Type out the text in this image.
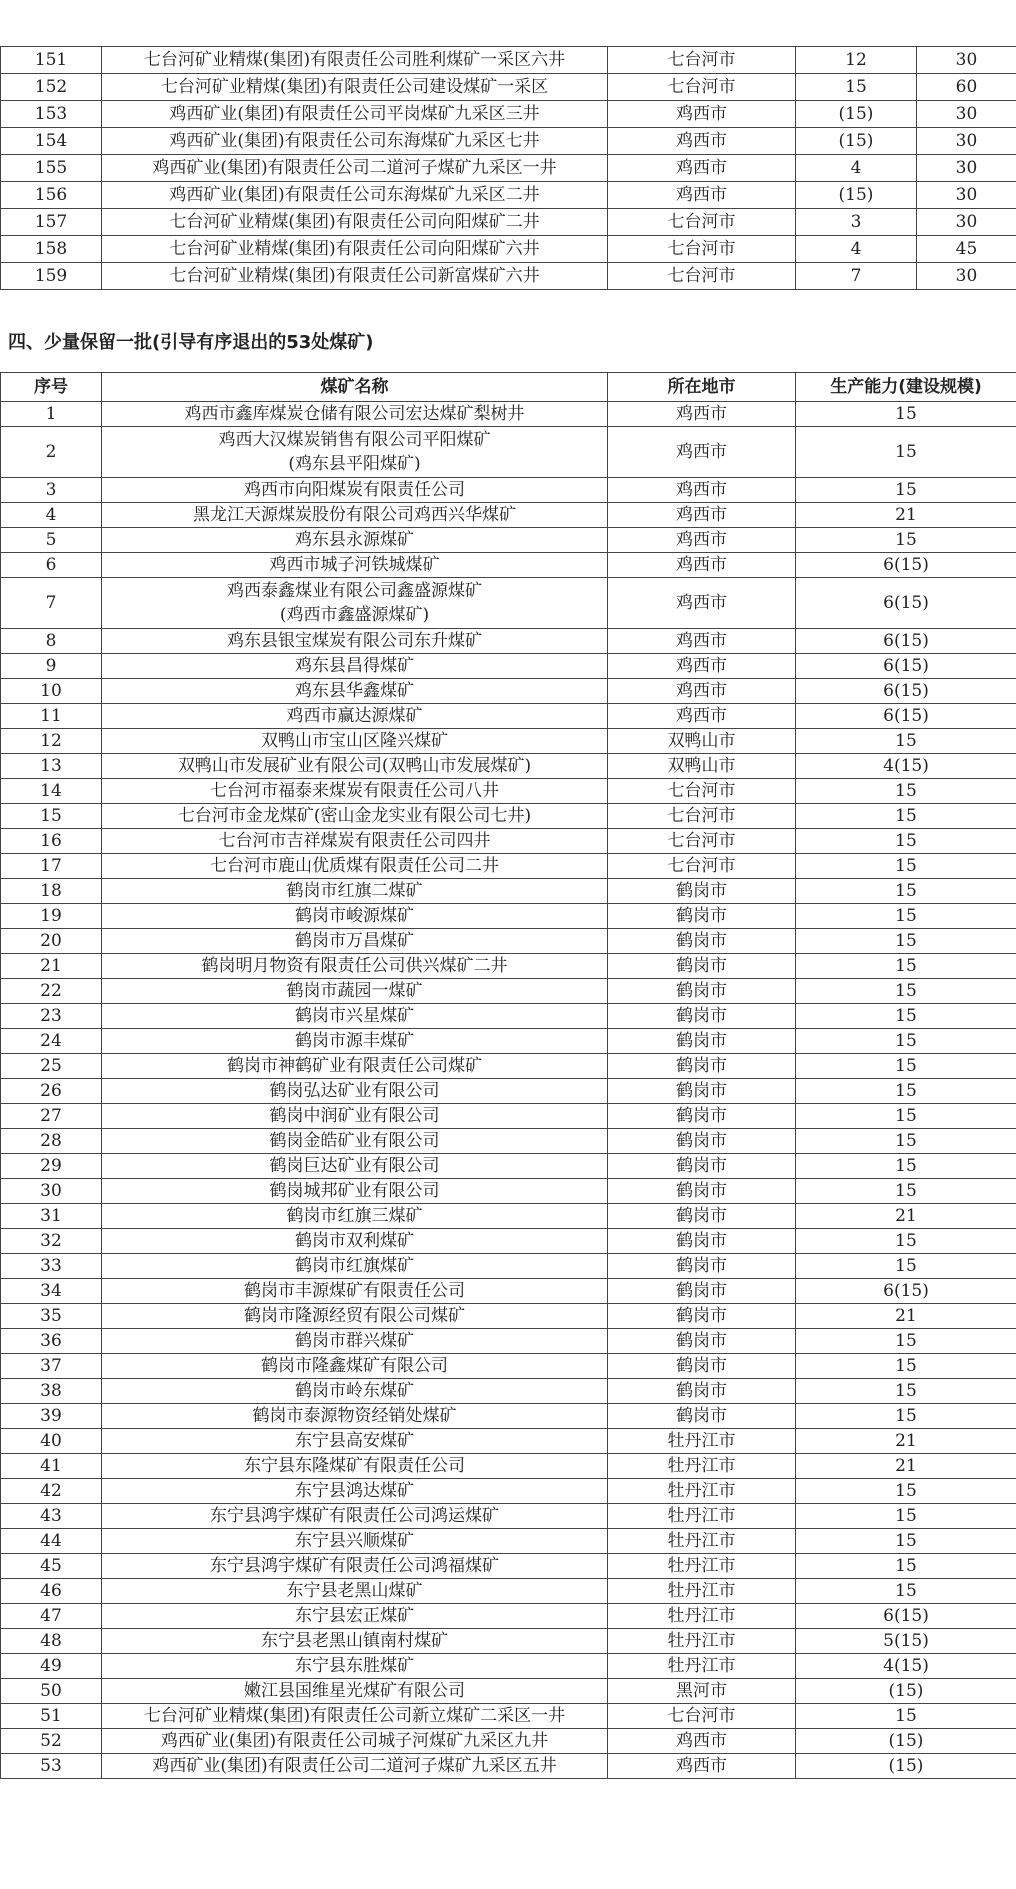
151	七台河矿业精煤(集团)有限责任公司胜利煤矿一采区六井	七台河市	12	30
152	七台河矿业精煤(集团)有限责任公司建设煤矿一采区	七台河市	15	60
153	鸡西矿业(集团)有限责任公司平岗煤矿九采区三井	鸡西市	(15)	30
154	鸡西矿业(集团)有限责任公司东海煤矿九采区七井	鸡西市	(15)	30
155	鸡西矿业(集团)有限责任公司二道河子煤矿九采区一井	鸡西市	4	30
156	鸡西矿业(集团)有限责任公司东海煤矿九采区二井	鸡西市	(15)	30
157	七台河矿业精煤(集团)有限责任公司向阳煤矿二井	七台河市	3	30
158	七台河矿业精煤(集团)有限责任公司向阳煤矿六井	七台河市	4	45
159	七台河矿业精煤(集团)有限责任公司新富煤矿六井	七台河市	7	30
四、少量保留一批(引导有序退出的53处煤矿)
序号	煤矿名称	所在地市	生产能力(建设规模)
1	鸡西市鑫库煤炭仓储有限公司宏达煤矿梨树井	鸡西市	15
2	鸡西大汉煤炭销售有限公司平阳煤矿
(鸡东县平阳煤矿)	鸡西市	15
3	鸡西市向阳煤炭有限责任公司	鸡西市	15
4	黑龙江天源煤炭股份有限公司鸡西兴华煤矿	鸡西市	21
5	鸡东县永源煤矿	鸡西市	15
6	鸡西市城子河铁城煤矿	鸡西市	6(15)
7	鸡西泰鑫煤业有限公司鑫盛源煤矿
(鸡西市鑫盛源煤矿)	鸡西市	6(15)
8	鸡东县银宝煤炭有限公司东升煤矿	鸡西市	6(15)
9	鸡东县昌得煤矿	鸡西市	6(15)
10	鸡东县华鑫煤矿	鸡西市	6(15)
11	鸡西市赢达源煤矿	鸡西市	6(15)
12	双鸭山市宝山区隆兴煤矿	双鸭山市	15
13	双鸭山市发展矿业有限公司(双鸭山市发展煤矿)	双鸭山市	4(15)
14	七台河市福泰来煤炭有限责任公司八井	七台河市	15
15	七台河市金龙煤矿(密山金龙实业有限公司七井)	七台河市	15
16	七台河市吉祥煤炭有限责任公司四井	七台河市	15
17	七台河市鹿山优质煤有限责任公司二井	七台河市	15
18	鹤岗市红旗二煤矿	鹤岗市	15
19	鹤岗市峻源煤矿	鹤岗市	15
20	鹤岗市万昌煤矿	鹤岗市	15
21	鹤岗明月物资有限责任公司供兴煤矿二井	鹤岗市	15
22	鹤岗市蔬园一煤矿	鹤岗市	15
23	鹤岗市兴星煤矿	鹤岗市	15
24	鹤岗市源丰煤矿	鹤岗市	15
25	鹤岗市神鹤矿业有限责任公司煤矿	鹤岗市	15
26	鹤岗弘达矿业有限公司	鹤岗市	15
27	鹤岗中润矿业有限公司	鹤岗市	15
28	鹤岗金皓矿业有限公司	鹤岗市	15
29	鹤岗巨达矿业有限公司	鹤岗市	15
30	鹤岗城邦矿业有限公司	鹤岗市	15
31	鹤岗市红旗三煤矿	鹤岗市	21
32	鹤岗市双利煤矿	鹤岗市	15
33	鹤岗市红旗煤矿	鹤岗市	15
34	鹤岗市丰源煤矿有限责任公司	鹤岗市	6(15)
35	鹤岗市隆源经贸有限公司煤矿	鹤岗市	21
36	鹤岗市群兴煤矿	鹤岗市	15
37	鹤岗市隆鑫煤矿有限公司	鹤岗市	15
38	鹤岗市岭东煤矿	鹤岗市	15
39	鹤岗市泰源物资经销处煤矿	鹤岗市	15
40	东宁县高安煤矿	牡丹江市	21
41	东宁县东隆煤矿有限责任公司	牡丹江市	21
42	东宁县鸿达煤矿	牡丹江市	15
43	东宁县鸿宇煤矿有限责任公司鸿运煤矿	牡丹江市	15
44	东宁县兴顺煤矿	牡丹江市	15
45	东宁县鸿宇煤矿有限责任公司鸿福煤矿	牡丹江市	15
46	东宁县老黑山煤矿	牡丹江市	15
47	东宁县宏正煤矿	牡丹江市	6(15)
48	东宁县老黑山镇南村煤矿	牡丹江市	5(15)
49	东宁县东胜煤矿	牡丹江市	4(15)
50	嫩江县国维星光煤矿有限公司	黑河市	(15)
51	七台河矿业精煤(集团)有限责任公司新立煤矿二采区一井	七台河市	15
52	鸡西矿业(集团)有限责任公司城子河煤矿九采区九井	鸡西市	(15)
53	鸡西矿业(集团)有限责任公司二道河子煤矿九采区五井	鸡西市	(15)
